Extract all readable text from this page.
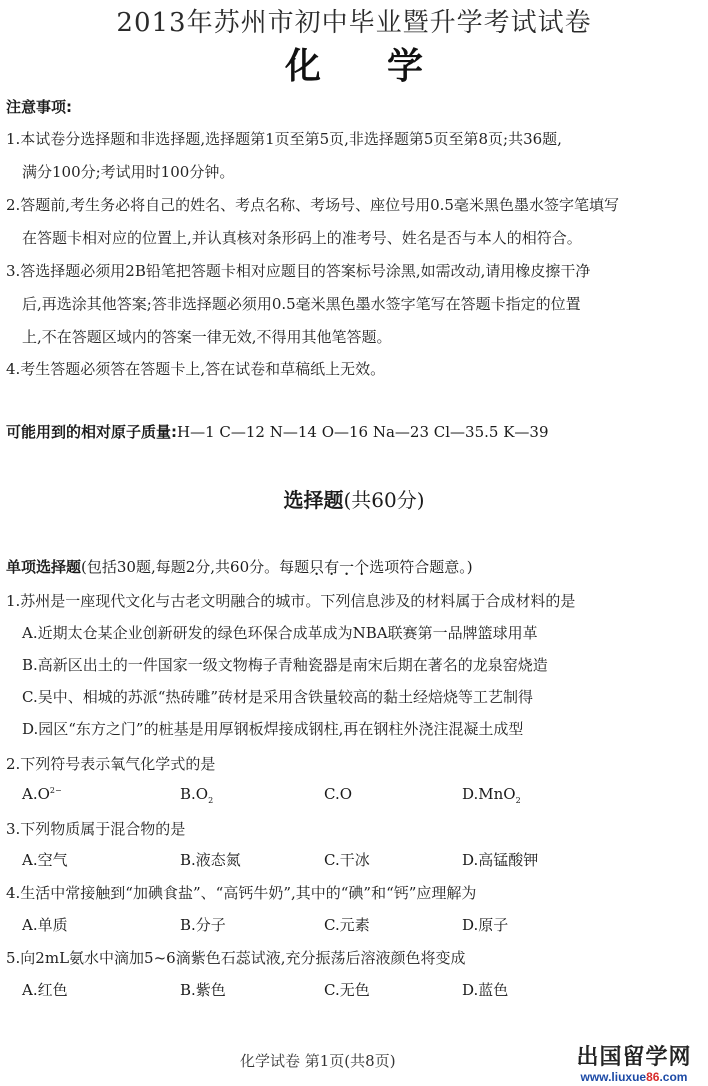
2013年苏州市初中毕业暨升学考试试卷
化 学
注意事项:
1.本试卷分选择题和非选择题,选择题第1页至第5页,非选择题第5页至第8页;共36题,
满分100分;考试用时100分钟。
2.答题前,考生务必将自己的姓名、考点名称、考场号、座位号用0.5毫米黑色墨水签字笔填写
在答题卡相对应的位置上,并认真核对条形码上的准考号、姓名是否与本人的相符合。
3.答选择题必须用2B铅笔把答题卡相对应题目的答案标号涂黑,如需改动,请用橡皮擦干净
后,再选涂其他答案;答非选择题必须用0.5毫米黑色墨水签字笔写在答题卡指定的位置
上,不在答题区域内的答案一律无效,不得用其他笔答题。
4.考生答题必须答在答题卡上,答在试卷和草稿纸上无效。
可能用到的相对原子质量:H—1 C—12 N—14 O—16 Na—23 Cl—35.5 K—39
选择题(共60分)
单项选择题(包括30题,每题2分,共60分。每题只有一个选项符合题意。)
1.苏州是一座现代文化与古老文明融合的城市。下列信息涉及的材料属于合成材料的是
A.近期太仓某企业创新研发的绿色环保合成革成为NBA联赛第一品牌篮球用革
B.高新区出土的一件国家一级文物梅子青釉瓷器是南宋后期在著名的龙泉窑烧造
C.吴中、相城的苏派“热砖雕”砖材是采用含铁量较高的黏土经焙烧等工艺制得
D.园区“东方之门”的桩基是用厚钢板焊接成钢柱,再在钢柱外浇注混凝土成型
2.下列符号表示氧气化学式的是
$A.O^{2-}$	$B.O_2$	C.O	D.MnO$_2$
3.下列物质属于混合物的是
A.空气	B.液态氮	C.干冰	D.高锰酸钾
4.生活中常接触到“加碘食盐”、“高钙牛奶”,其中的“碘”和“钙”应理解为
A.单质	B.分子	C.元素	D.原子
5.向2mL氨水中滴加5~6滴紫色石蕊试液,充分振荡后溶液颜色将变成
A.红色	B.紫色	C.无色	D.蓝色
化学试卷 第1页(共8页)	出国留学网
www.liuxue86.com
